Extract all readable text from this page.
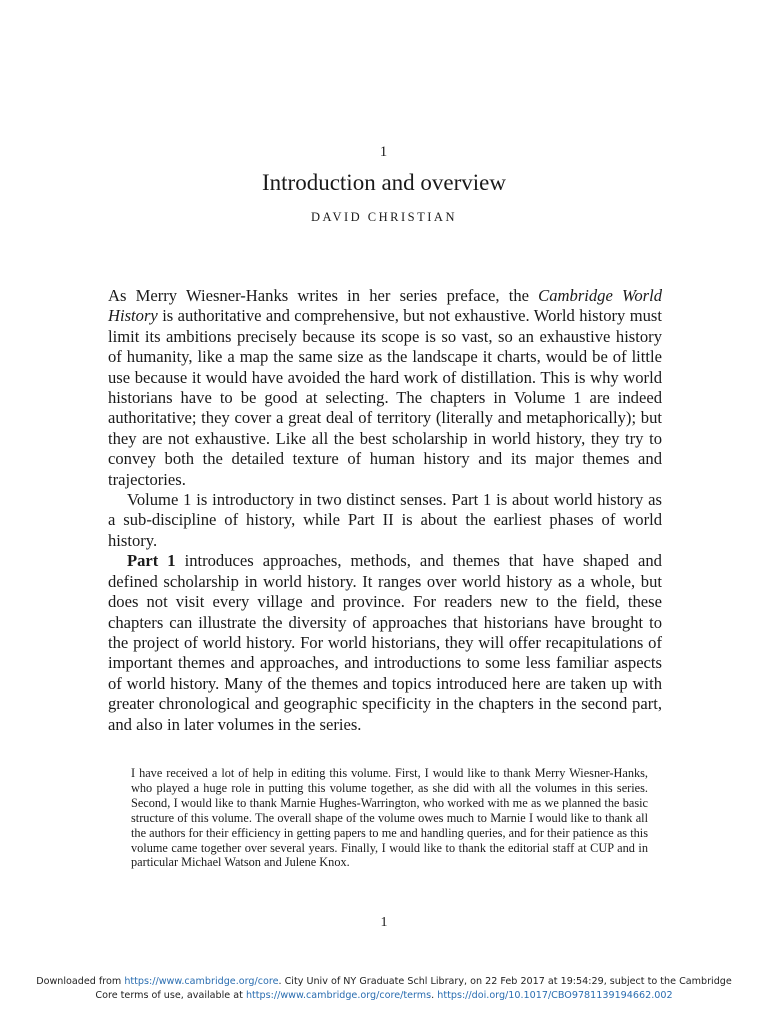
1
Introduction and overview
DAVID CHRISTIAN

As Merry Wiesner-Hanks writes in her series preface, the Cambridge World History is authoritative and comprehensive, but not exhaustive. World history must limit its ambitions precisely because its scope is so vast, so an exhaustive history of humanity, like a map the same size as the landscape it charts, would be of little use because it would have avoided the hard work of distillation. This is why world historians have to be good at selecting. The chapters in Volume 1 are indeed authoritative; they cover a great deal of territory (literally and metaphorically); but they are not exhaustive. Like all the best scholarship in world history, they try to convey both the detailed texture of human history and its major themes and trajectories.

Volume 1 is introductory in two distinct senses. Part 1 is about world history as a sub-discipline of history, while Part II is about the earliest phases of world history.

Part 1 introduces approaches, methods, and themes that have shaped and defined scholarship in world history. It ranges over world history as a whole, but does not visit every village and province. For readers new to the field, these chapters can illustrate the diversity of approaches that historians have brought to the project of world history. For world historians, they will offer recapitulations of important themes and approaches, and introductions to some less familiar aspects of world history. Many of the themes and topics introduced here are taken up with greater chronological and geographic specificity in the chapters in the second part, and also in later volumes in the series.

I have received a lot of help in editing this volume. First, I would like to thank Merry Wiesner-Hanks, who played a huge role in putting this volume together, as she did with all the volumes in this series. Second, I would like to thank Marnie Hughes-Warrington, who worked with me as we planned the basic structure of this volume. The overall shape of the volume owes much to Marnie I would like to thank all the authors for their efficiency in getting papers to me and handling queries, and for their patience as this volume came together over several years. Finally, I would like to thank the editorial staff at CUP and in particular Michael Watson and Julene Knox.

1
Downloaded from https://www.cambridge.org/core. City Univ of NY Graduate Schl Library, on 22 Feb 2017 at 19:54:29, subject to the Cambridge
Core terms of use, available at https://www.cambridge.org/core/terms. https://doi.org/10.1017/CBO9781139194662.002
